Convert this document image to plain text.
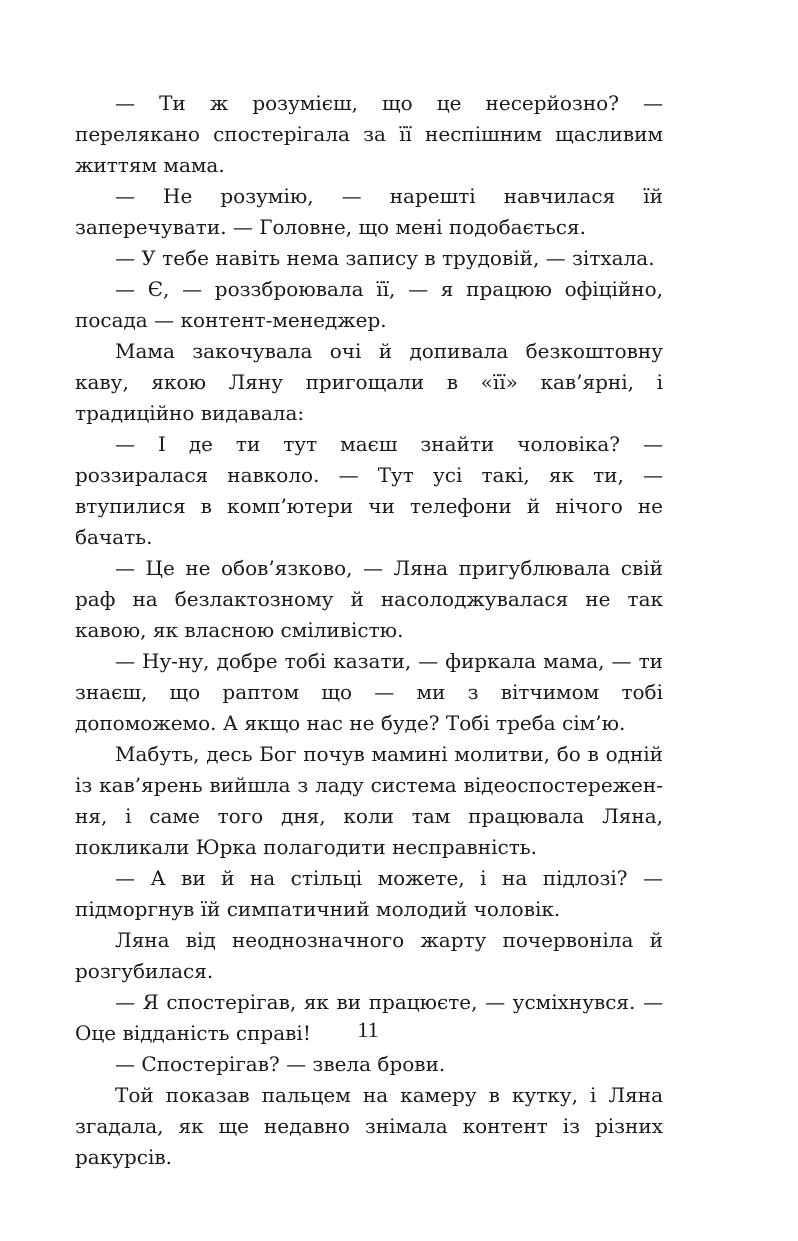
— Ти ж розумієш, що це несерйозно? — перелякано спостерігала за її неспішним щасливим життям мама.

— Не розумію, — нарешті навчилася їй заперечувати. — Головне, що мені подобається.

— У тебе навіть нема запису в трудовій, — зітхала.

— Є, — роззброювала її, — я працюю офіційно, посада — контент-менеджер.

Мама закочувала очі й допивала безкоштовну каву, якою Ляну пригощали в «її» кав’ярні, і традиційно видавала:

— І де ти тут маєш знайти чоловіка? — роззиралася навколо. — Тут усі такі, як ти, — втупилися в комп’ютери чи телефони й нічого не бачать.

— Це не обов’язково, — Ляна пригублювала свій раф на безлактозному й насолоджувалася не так кавою, як власною сміливістю.

— Ну-ну, добре тобі казати, — фиркала мама, — ти знаєш, що раптом що — ми з вітчимом тобі допоможемо. А якщо нас не буде? Тобі треба сім’ю.

Мабуть, десь Бог почув мамині молитви, бо в одній із кав’ярень вийшла з ладу система відеоспостереження, і саме того дня, коли там працювала Ляна, покликали Юрка полагодити несправність.

— А ви й на стільці можете, і на підлозі? — підморгнув їй симпатичний молодий чоловік.

Ляна від неоднозначного жарту почервоніла й розгубилася.

— Я спостерігав, як ви працюєте, — усміхнувся. — Оце відданість справі!

— Спостерігав? — звела брови.

Той показав пальцем на камеру в кутку, і Ляна згадала, як ще недавно знімала контент із різних ракурсів.

11
